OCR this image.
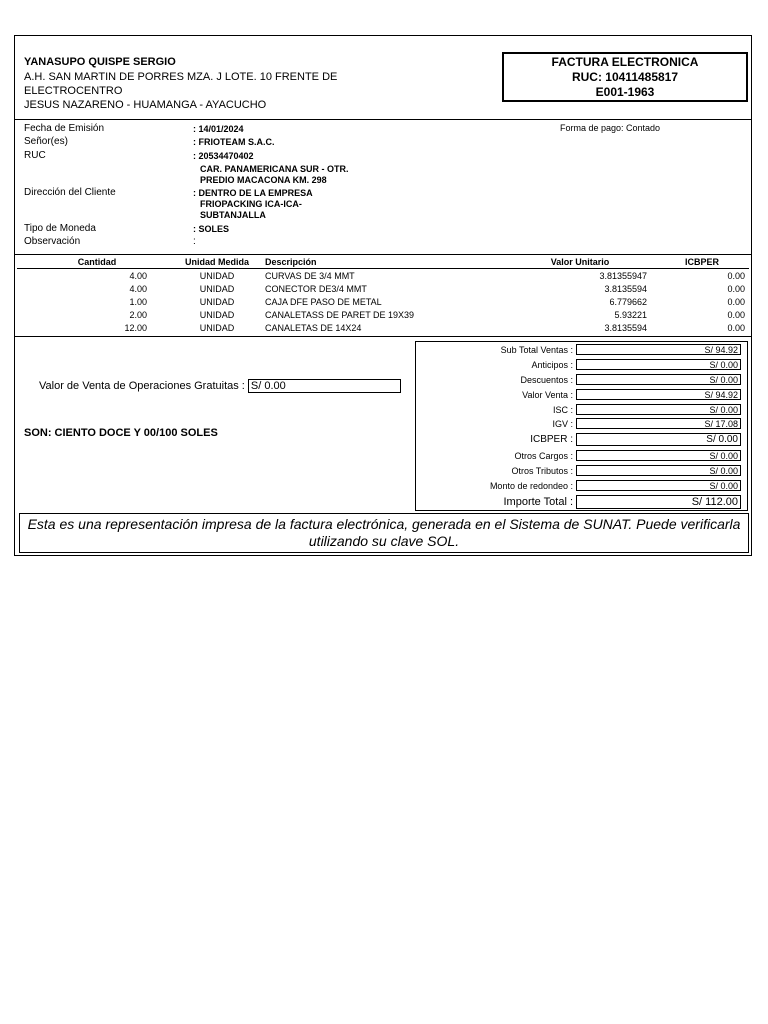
YANASUPO QUISPE SERGIO
A.H. SAN MARTIN DE PORRES MZA. J LOTE. 10 FRENTE DE
ELECTROCENTRO
JESUS NAZARENO - HUAMANGA - AYACUCHO
FACTURA ELECTRONICA
RUC: 10411485817
E001-1963
Fecha de Emisión	: 14/01/2024	Forma de pago: Contado
Señor(es)	: FRIOTEAM S.A.C.
RUC	: 20534470402
CAR. PANAMERICANA SUR - OTR.
PREDIO MACACONA KM. 298
Dirección del Cliente	: DENTRO DE LA EMPRESA
FRIOPACKING ICA-ICA-
SUBTANJALLA
Tipo de Moneda	: SOLES
Observación	:
Cantidad	Unidad Medida	Descripción	Valor Unitario	ICBPER
4.00	UNIDAD	CURVAS DE 3/4 MMT	3.81355947	0.00
4.00	UNIDAD	CONECTOR DE3/4 MMT	3.8135594	0.00
1.00	UNIDAD	CAJA DFE PASO DE METAL	6.779662	0.00
2.00	UNIDAD	CANALETASS DE PARET DE 19X39	5.93221	0.00
12.00	UNIDAD	CANALETAS DE 14X24	3.8135594	0.00
Valor de Venta de Operaciones Gratuitas : S/ 0.00
SON: CIENTO DOCE Y 00/100 SOLES
Sub Total Ventas :	S/ 94.92
Anticipos :	S/ 0.00
Descuentos :	S/ 0.00
Valor Venta :	S/ 94.92
ISC :	S/ 0.00
IGV :	S/ 17.08
ICBPER :	S/ 0.00
Otros Cargos :	S/ 0.00
Otros Tributos :	S/ 0.00
Monto de redondeo :	S/ 0.00
Importe Total :	S/ 112.00
Esta es una representación impresa de la factura electrónica, generada en el Sistema de SUNAT. Puede verificarla utilizando su clave SOL.
